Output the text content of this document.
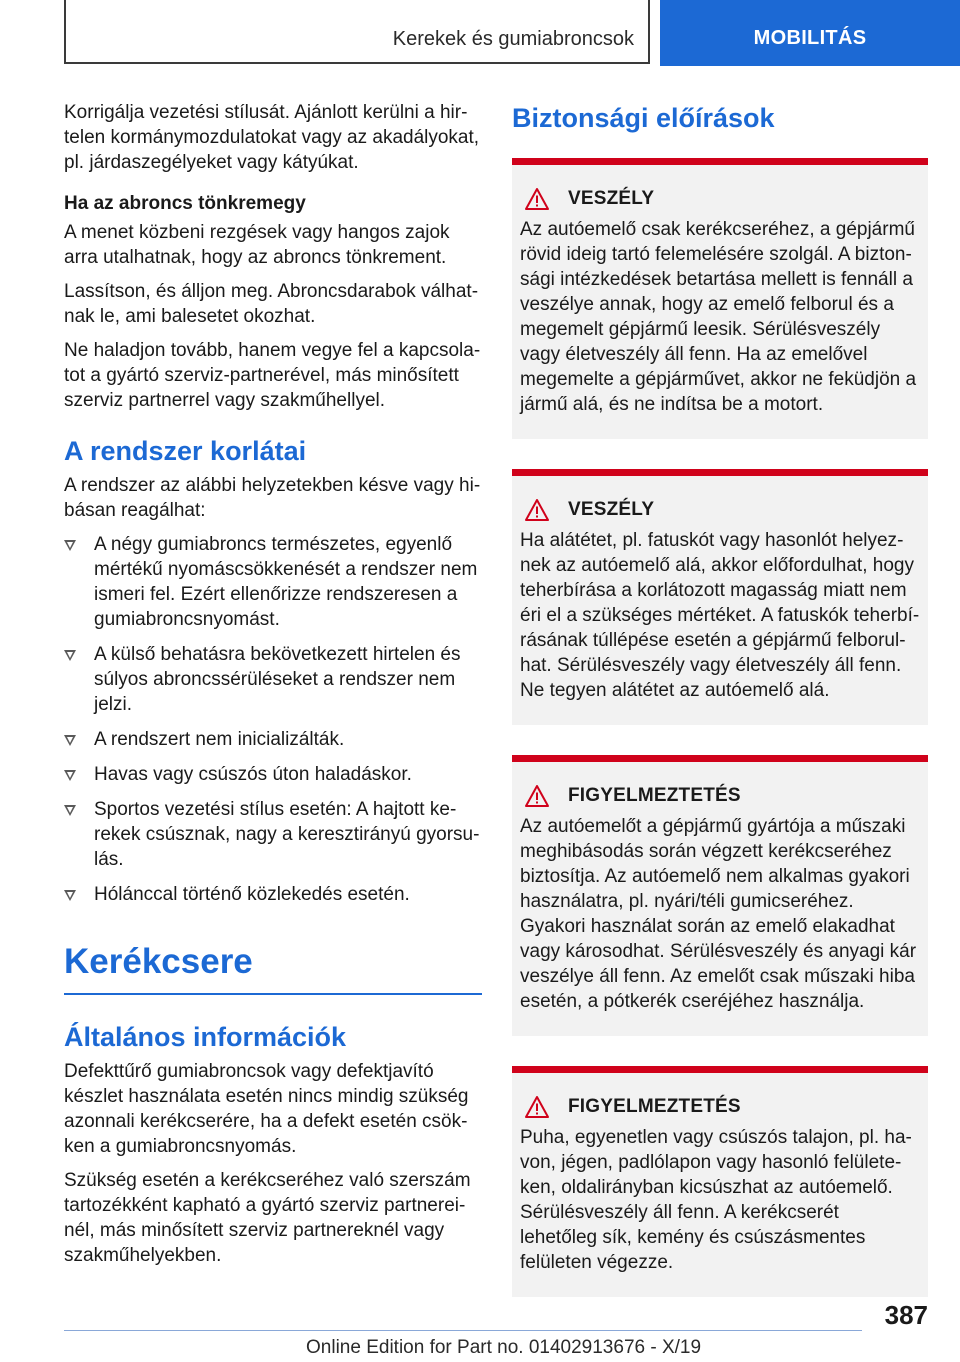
Kerekek és gumiabroncsok	MOBILITÁS

Korrigálja vezetési stílusát. Ajánlott kerülni a hirtelen kormánymozdulatokat vagy az akadályokat, pl. járdaszegélyeket vagy kátyúkat.

Ha az abroncs tönkremegy

A menet közbeni rezgések vagy hangos zajok arra utalhatnak, hogy az abroncs tönkrement.

Lassítson, és álljon meg. Abroncsdarabok válhatnak le, ami balesetet okozhat.

Ne haladjon tovább, hanem vegye fel a kapcsolatot a gyártó szerviz-partnerével, más minősített szerviz partnerrel vagy szakműhellyel.

A rendszer korlátai

A rendszer az alábbi helyzetekben késve vagy hibásan reagálhat:

A négy gumiabroncs természetes, egyenlő mértékű nyomáscsökkenését a rendszer nem ismeri fel. Ezért ellenőrizze rendszeresen a gumiabroncsnyomást.
A külső behatásra bekövetkezett hirtelen és súlyos abroncssérüléseket a rendszer nem jelzi.
A rendszert nem inicializálták.
Havas vagy csúszós úton haladáskor.
Sportos vezetési stílus esetén: A hajtott kerekek csúsznak, nagy a keresztirányú gyorsulás.
Hólánccal történő közlekedés esetén.
Kerékcsere
Általános információk

Defekttűrő gumiabroncsok vagy defektjavító készlet használata esetén nincs mindig szükség azonnali kerékcserére, ha a defekt esetén csökken a gumiabroncsnyomás.

Szükség esetén a kerékcseréhez való szerszám tartozékként kapható a gyártó szerviz partnereinél, más minősített szerviz partnereknél vagy szakműhelyekben.

Biztonsági előírások
VESZÉLY
Az autóemelő csak kerékcseréhez, a gépjármű rövid ideig tartó felemelésére szolgál. A biztonsági intézkedések betartása mellett is fennáll a veszélye annak, hogy az emelő felborul és a megemelt gépjármű leesik. Sérülésveszély vagy életveszély áll fenn. Ha az emelővel megemelte a gépjárművet, akkor ne feküdjön a jármű alá, és ne indítsa be a motort.
VESZÉLY
Ha alátétet, pl. fatuskót vagy hasonlót helyeznek az autóemelő alá, akkor előfordulhat, hogy teherbírása a korlátozott magasság miatt nem éri el a szükséges mértéket. A fatuskók teherbírásának túllépése esetén a gépjármű felborulhat. Sérülésveszély vagy életveszély áll fenn. Ne tegyen alátétet az autóemelő alá.
FIGYELMEZTETÉS
Az autóemelőt a gépjármű gyártója a műszaki meghibásodás során végzett kerékcseréhez biztosítja. Az autóemelő nem alkalmas gyakori használatra, pl. nyári/téli gumicseréhez. Gyakori használat során az emelő elakadhat vagy károsodhat. Sérülésveszély és anyagi kár veszélye áll fenn. Az emelőt csak műszaki hiba esetén, a pótkerék cseréjéhez használja.
FIGYELMEZTETÉS
Puha, egyenetlen vagy csúszós talajon, pl. havon, jégen, padlólapon vagy hasonló felületeken, oldalirányban kicsúszhat az autóemelő. Sérülésveszély áll fenn. A kerékcserét lehetőleg sík, kemény és csúszásmentes felületen végezze.
387
Online Edition for Part no. 01402913676 - X/19
